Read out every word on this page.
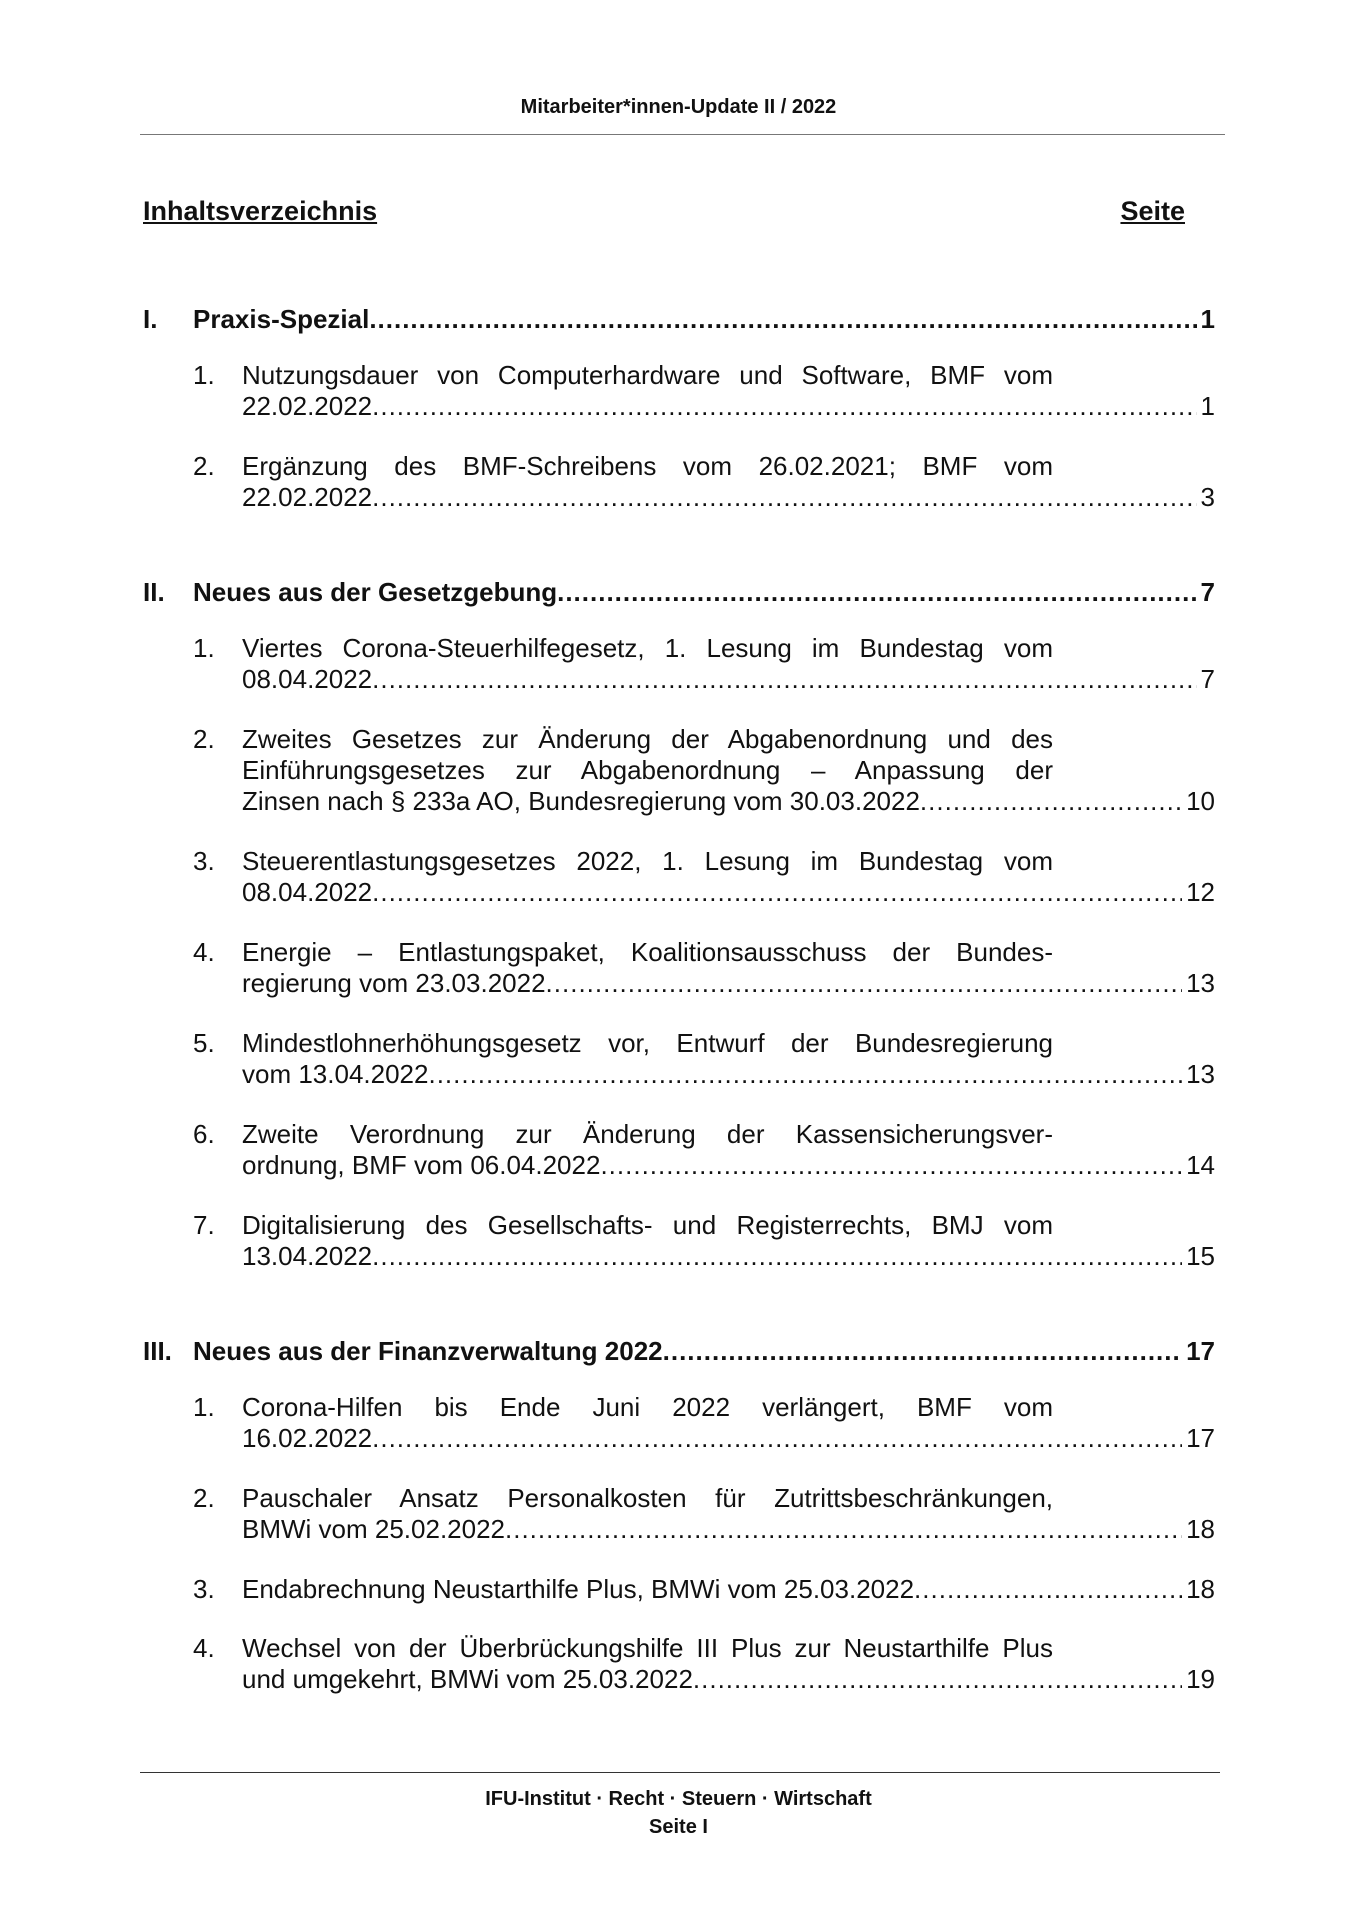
Mitarbeiter*innen-Update II / 2022
Inhaltsverzeichnis	Seite
I.	Praxis-Spezial .....	1
1. Nutzungsdauer von Computerhardware und Software, BMF vom
22.02.2022 .....	1
2. Ergänzung des BMF-Schreibens vom 26.02.2021; BMF vom
22.02.2022 .....	3
II.	Neues aus der Gesetzgebung .....	7
1. Viertes Corona-Steuerhilfegesetz, 1. Lesung im Bundestag vom
08.04.2022 .....	7
2. Zweites Gesetzes zur Änderung der Abgabenordnung und des
Einführungsgesetzes zur Abgabenordnung – Anpassung der
Zinsen nach § 233a AO, Bundesregierung vom 30.03.2022 .....	10
3. Steuerentlastungsgesetzes 2022, 1. Lesung im Bundestag vom
08.04.2022 .....	12
4. Energie – Entlastungspaket, Koalitionsausschuss der Bundes-
regierung vom 23.03.2022 .....	13
5. Mindestlohnerhöhungsgesetz vor, Entwurf der Bundesregierung
vom 13.04.2022 .....	13
6. Zweite Verordnung zur Änderung der Kassensicherungsver-
ordnung, BMF vom 06.04.2022 .....	14
7. Digitalisierung des Gesellschafts- und Registerrechts, BMJ vom
13.04.2022 .....	15
III. Neues aus der Finanzverwaltung 2022 .....	17
1. Corona-Hilfen bis Ende Juni 2022 verlängert, BMF vom
16.02.2022 .....	17
2. Pauschaler Ansatz Personalkosten für Zutrittsbeschränkungen,
BMWi vom 25.02.2022 .....	18
3. Endabrechnung Neustarthilfe Plus, BMWi vom 25.03.2022 .....	18
4. Wechsel von der Überbrückungshilfe III Plus zur Neustarthilfe Plus
und umgekehrt, BMWi vom 25.03.2022 .....	19
IFU-Institut · Recht · Steuern · Wirtschaft
Seite I
